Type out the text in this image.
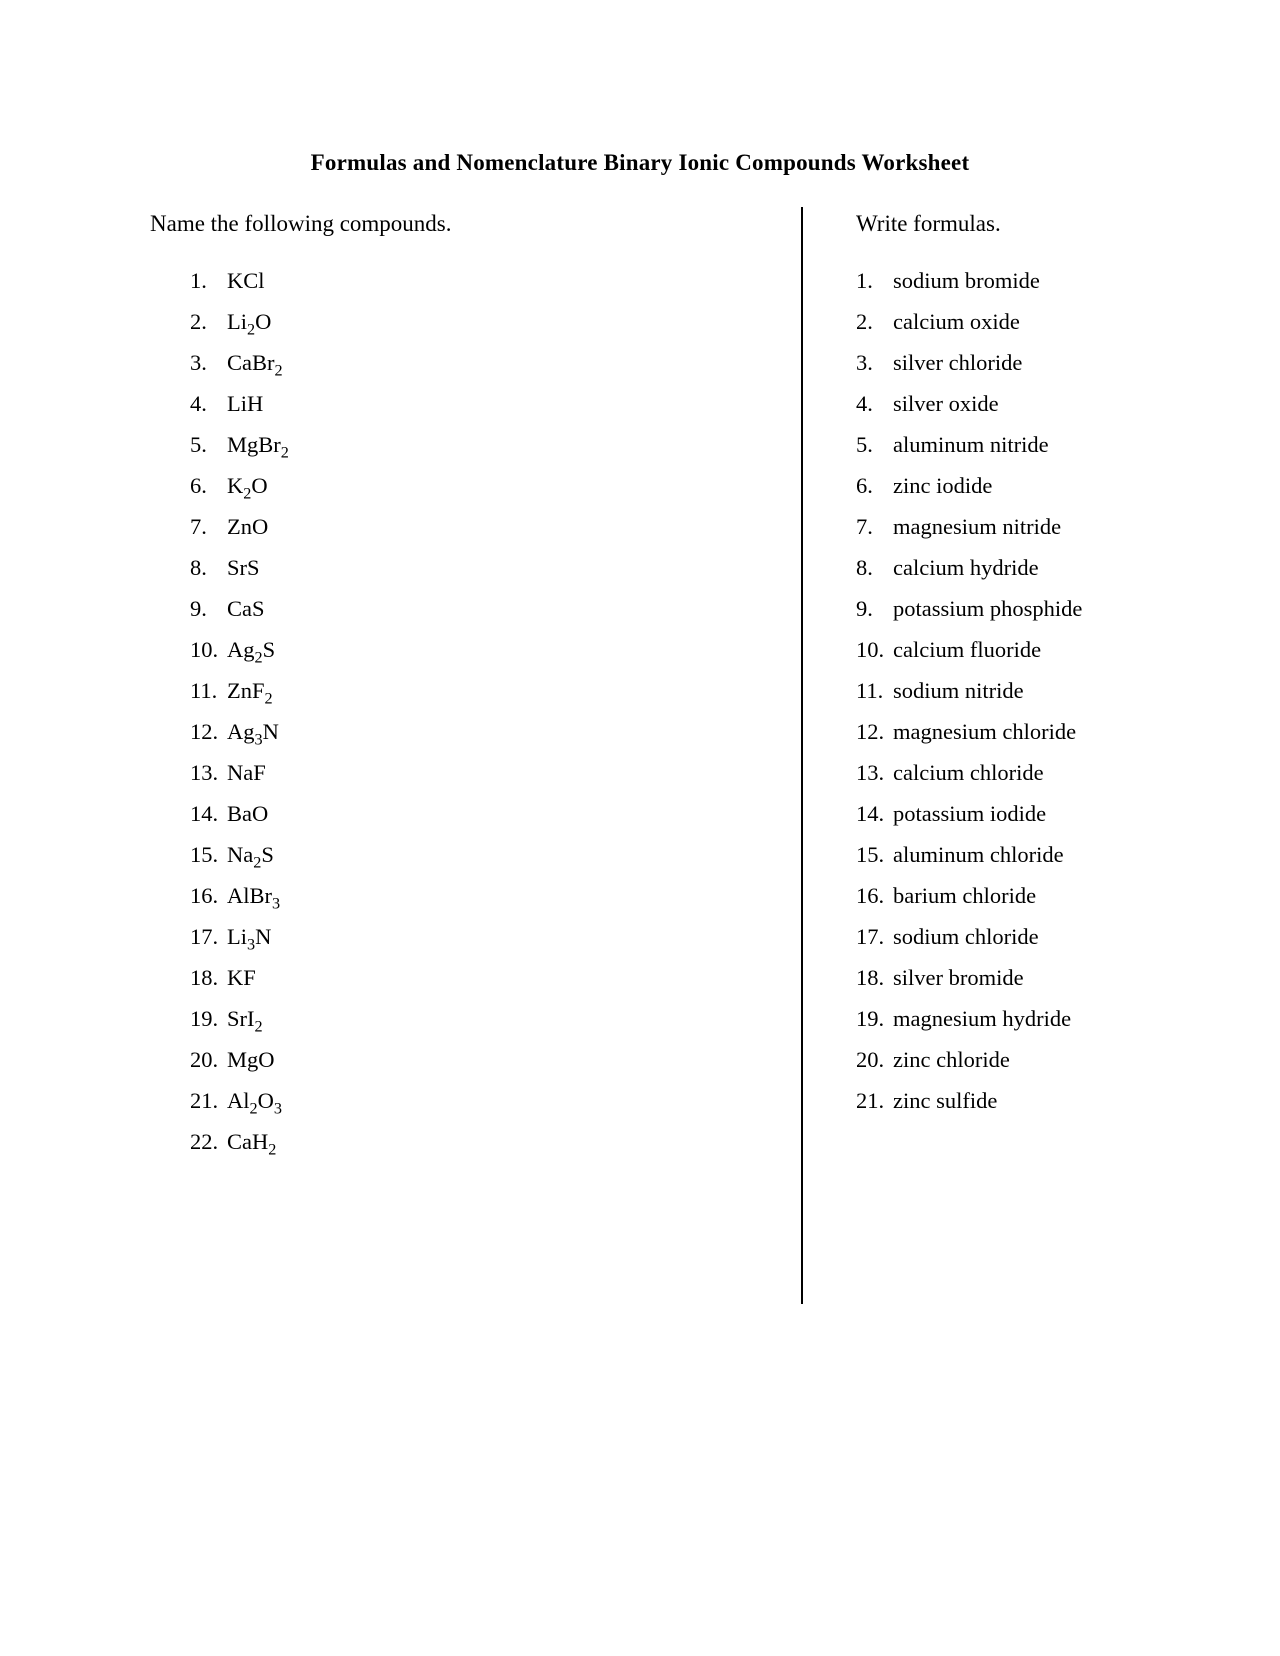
Formulas and Nomenclature Binary Ionic Compounds Worksheet
Name the following compounds.	Write formulas.
1. KCl
2. $Li_2O$
3. CaBr$_2$
4. LiH
5. MgBr$_2$
6. $K_2O$
7. ZnO
8. SrS
9. CaS
10. $Ag_2S$
11. ZnF$_2$
12. $Ag_3N$
13. NaF
14. BaO
15. $Na_2S$
16. AlBr$_3$
17. $Li_3N$
18. KF
19. SrI$_2$
20. MgO
21. $Al_2O_3$
22. CaH$_2$
1. sodium bromide
2. calcium oxide
3. silver chloride
4. silver oxide
5. aluminum nitride
6. zinc iodide
7. magnesium nitride
8. calcium hydride
9. potassium phosphide
10. calcium fluoride
11. sodium nitride
12. magnesium chloride
13. calcium chloride
14. potassium iodide
15. aluminum chloride
16. barium chloride
17. sodium chloride
18. silver bromide
19. magnesium hydride
20. zinc chloride
21. zinc sulfide
